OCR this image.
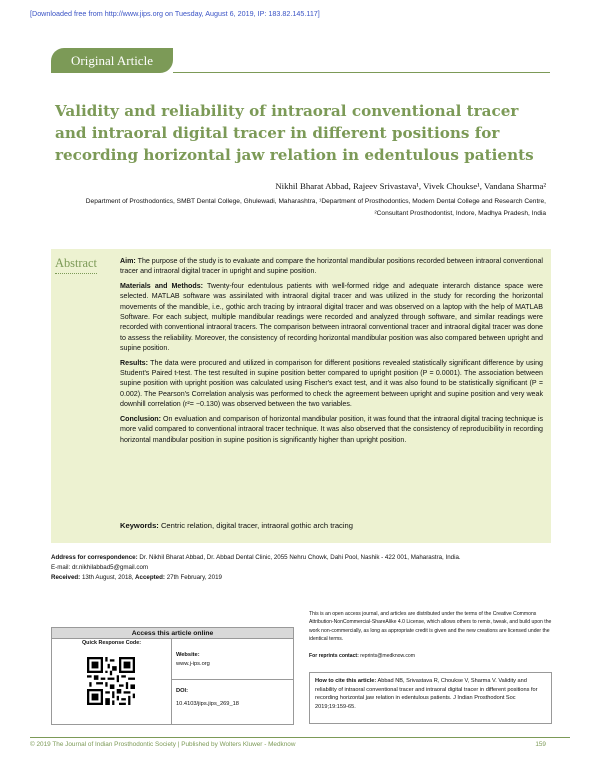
[Downloaded free from http://www.jips.org on Tuesday, August 6, 2019, IP: 183.82.145.117]
Original Article
Validity and reliability of intraoral conventional tracer and intraoral digital tracer in different positions for recording horizontal jaw relation in edentulous patients
Nikhil Bharat Abbad, Rajeev Srivastava¹, Vivek Choukse¹, Vandana Sharma²
Department of Prosthodontics, SMBT Dental College, Ghulewadi, Maharashtra, ¹Department of Prosthodontics, Modern Dental College and Research Centre, ²Consultant Prosthodontist, Indore, Madhya Pradesh, India
Abstract	Aim: The purpose of the study is to evaluate and compare the horizontal mandibular positions recorded between intraoral conventional tracer and intraoral digital tracer in upright and supine position.

Materials and Methods: Twenty-four edentulous patients with well-formed ridge and adequate interarch distance space were selected. MATLAB software was assinilated with intraoral digital tracer and was utilized in the study for recording the horizontal movements of the mandible, i.e., gothic arch tracing by intraoral digital tracer and was observed on a laptop with the help of MATLAB Software. For each subject, multiple mandibular readings were recorded and analyzed through software, and similar readings were recorded with conventional intraoral tracers. The comparison between intraoral conventional tracer and intraoral digital tracer was done to assess the reliability. Moreover, the consistency of recording horizontal mandibular position was also compared between upright and supine position.

Results: The data were procured and utilized in comparison for different positions revealed statistically significant difference by using Student's Paired t-test. The test resulted in supine position better compared to upright position (P = 0.0001). The association between supine position with upright position was calculated using Fischer's exact test, and it was also found to be statistically significant (P = 0.002). The Pearson's Correlation analysis was performed to check the agreement between upright and supine position and very weak downhill correlation (r²= −0.130) was observed between the two variables.

Conclusion: On evaluation and comparison of horizontal mandibular position, it was found that the intraoral digital tracing technique is more valid compared to conventional intraoral tracer technique. It was also observed that the consistency of reproducibility in recording horizontal mandibular position in supine position is significantly higher than upright position.

Keywords: Centric relation, digital tracer, intraoral gothic arch tracing
Address for correspondence: Dr. Nikhil Bharat Abbad, Dr. Abbad Dental Clinic, 2055 Nehru Chowk, Dahi Pool, Nashik - 422 001, Maharastra, India.
E-mail: dr.nikhilabbad5@gmail.com
Received: 13th August, 2018, Accepted: 27th February, 2019
This is an open access journal, and articles are distributed under the terms of the Creative Commons Attribution-NonCommercial-ShareAlike 4.0 License, which allows others to remix, tweak, and build upon the work non-commercially, as long as appropriate credit is given and the new creations are licensed under the identical terms.
For reprints contact: reprints@medknow.com
Access this article online
Quick Response Code:
Website:
www.j-ips.org
DOI:
10.4103/jips.jips_269_18
How to cite this article: Abbad NB, Srivastava R, Choukse V, Sharma V. Validity and reliability of intraoral conventional tracer and intraoral digital tracer in different positions for recording horizontal jaw relation in edentulous patients. J Indian Prosthodont Soc 2019;19:159-65.
© 2019 The Journal of Indian Prosthodontic Society | Published by Wolters Kluwer - Medknow	159
